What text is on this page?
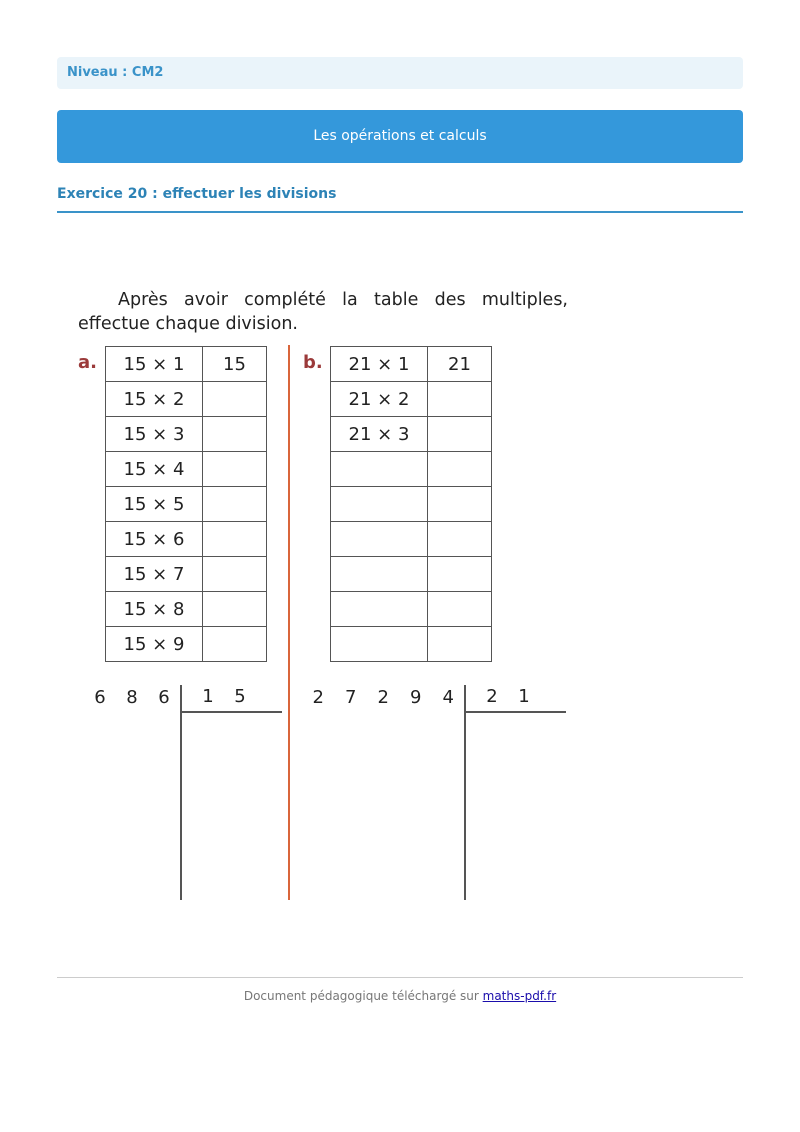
Niveau : CM2
Les opérations et calculs
Exercice 20 : effectuer les divisions
Après avoir complété la table des multiples, effectue chaque division.
a. 15 × 1	15
15 × 2	
15 × 3	
15 × 4	
15 × 5	
15 × 6	
15 × 7	
15 × 8	
15 × 9	
b. 21 × 1	21
21 × 2	
21 × 3	

6 8 6	1 5	2 7 2 9 4	2 1
Document pédagogique téléchargé sur maths-pdf.fr
